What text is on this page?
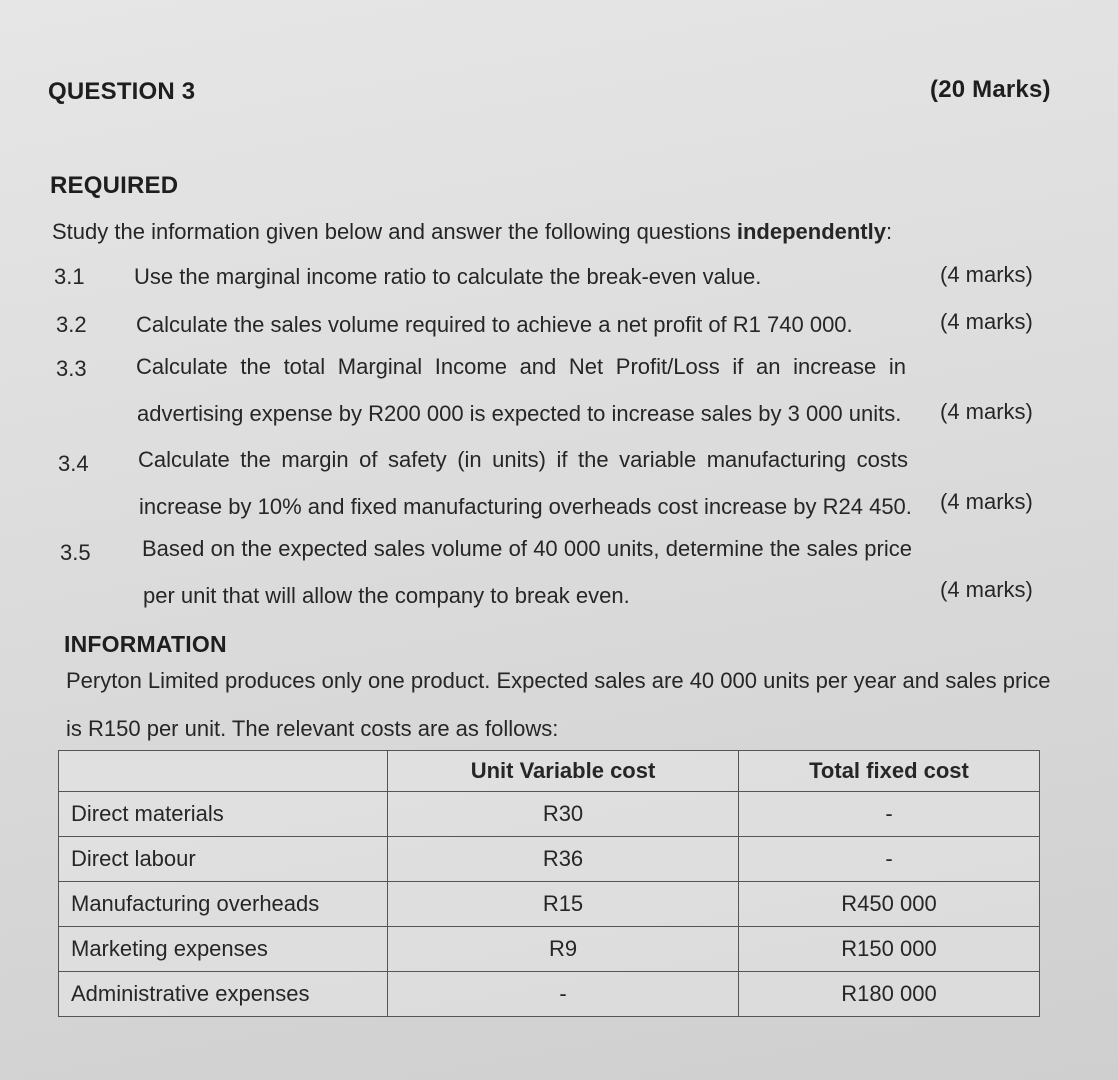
QUESTION 3	(20 Marks)
REQUIRED
Study the information given below and answer the following questions independently:
3.1 Use the marginal income ratio to calculate the break-even value.	(4 marks)
3.2 Calculate the sales volume required to achieve a net profit of R1 740 000.	(4 marks)
3.3 Calculate the total Marginal Income and Net Profit/Loss if an increase in
advertising expense by R200 000 is expected to increase sales by 3 000 units. (4 marks)
3.4 Calculate the margin of safety (in units) if the variable manufacturing costs
increase by 10% and fixed manufacturing overheads cost increase by R24 450. (4 marks)
3.5 Based on the expected sales volume of 40 000 units, determine the sales price
per unit that will allow the company to break even.	(4 marks)
INFORMATION
Peryton Limited produces only one product. Expected sales are 40 000 units per year and sales price
is R150 per unit. The relevant costs are as follows:
	Unit Variable cost	Total fixed cost
Direct materials	R30	-
Direct labour	R36	-
Manufacturing overheads	R15	R450 000
Marketing expenses	R9	R150 000
Administrative expenses	-	R180 000
